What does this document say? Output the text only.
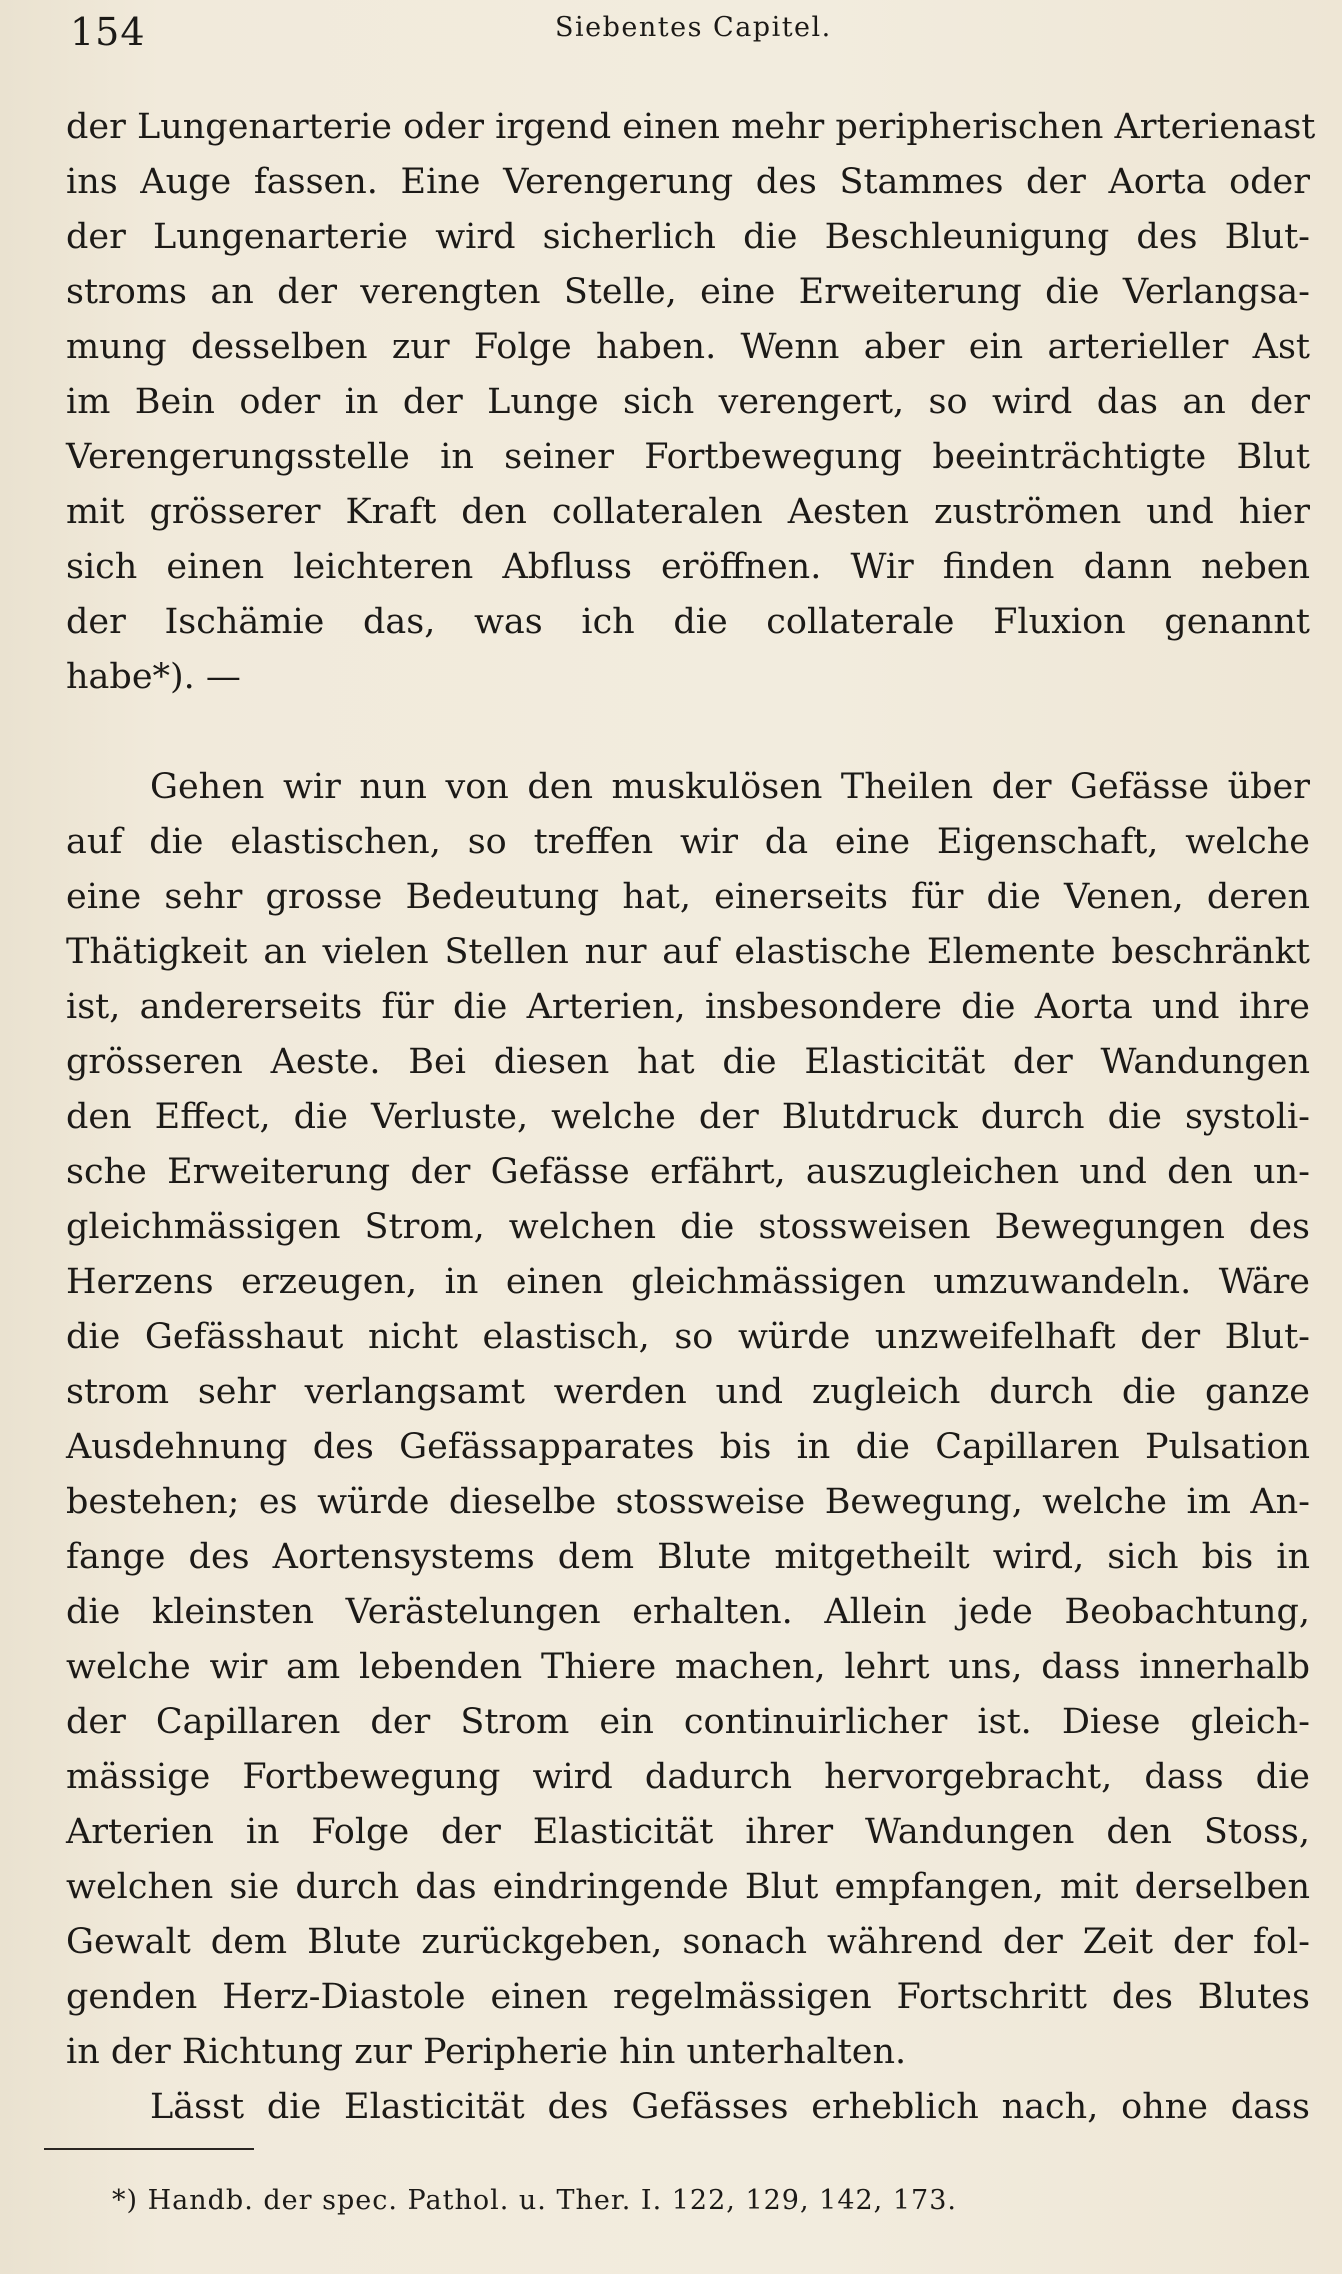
154	Siebentes Capitel.
der Lungenarterie oder irgend einen mehr peripherischen Arterienast
ins Auge fassen. Eine Verengerung des Stammes der Aorta oder
der Lungenarterie wird sicherlich die Beschleunigung des Blut-
stroms an der verengten Stelle, eine Erweiterung die Verlangsa-
mung desselben zur Folge haben. Wenn aber ein arterieller Ast
im Bein oder in der Lunge sich verengert, so wird das an der
Verengerungsstelle in seiner Fortbewegung beeinträchtigte Blut
mit grösserer Kraft den collateralen Aesten zuströmen und hier
sich einen leichteren Abfluss eröffnen. Wir finden dann neben
der Ischämie das, was ich die collaterale Fluxion genannt
habe*). —
Gehen wir nun von den muskulösen Theilen der Gefässe über
auf die elastischen, so treffen wir da eine Eigenschaft, welche
eine sehr grosse Bedeutung hat, einerseits für die Venen, deren
Thätigkeit an vielen Stellen nur auf elastische Elemente beschränkt
ist, andererseits für die Arterien, insbesondere die Aorta und ihre
grösseren Aeste. Bei diesen hat die Elasticität der Wandungen
den Effect, die Verluste, welche der Blutdruck durch die systoli-
sche Erweiterung der Gefässe erfährt, auszugleichen und den un-
gleichmässigen Strom, welchen die stossweisen Bewegungen des
Herzens erzeugen, in einen gleichmässigen umzuwandeln. Wäre
die Gefässhaut nicht elastisch, so würde unzweifelhaft der Blut-
strom sehr verlangsamt werden und zugleich durch die ganze
Ausdehnung des Gefässapparates bis in die Capillaren Pulsation
bestehen; es würde dieselbe stossweise Bewegung, welche im An-
fange des Aortensystems dem Blute mitgetheilt wird, sich bis in
die kleinsten Verästelungen erhalten. Allein jede Beobachtung,
welche wir am lebenden Thiere machen, lehrt uns, dass innerhalb
der Capillaren der Strom ein continuirlicher ist. Diese gleich-
mässige Fortbewegung wird dadurch hervorgebracht, dass die
Arterien in Folge der Elasticität ihrer Wandungen den Stoss,
welchen sie durch das eindringende Blut empfangen, mit derselben
Gewalt dem Blute zurückgeben, sonach während der Zeit der fol-
genden Herz-Diastole einen regelmässigen Fortschritt des Blutes
in der Richtung zur Peripherie hin unterhalten.
Lässt die Elasticität des Gefässes erheblich nach, ohne dass
*) Handb. der spec. Pathol. u. Ther. I. 122, 129, 142, 173.
